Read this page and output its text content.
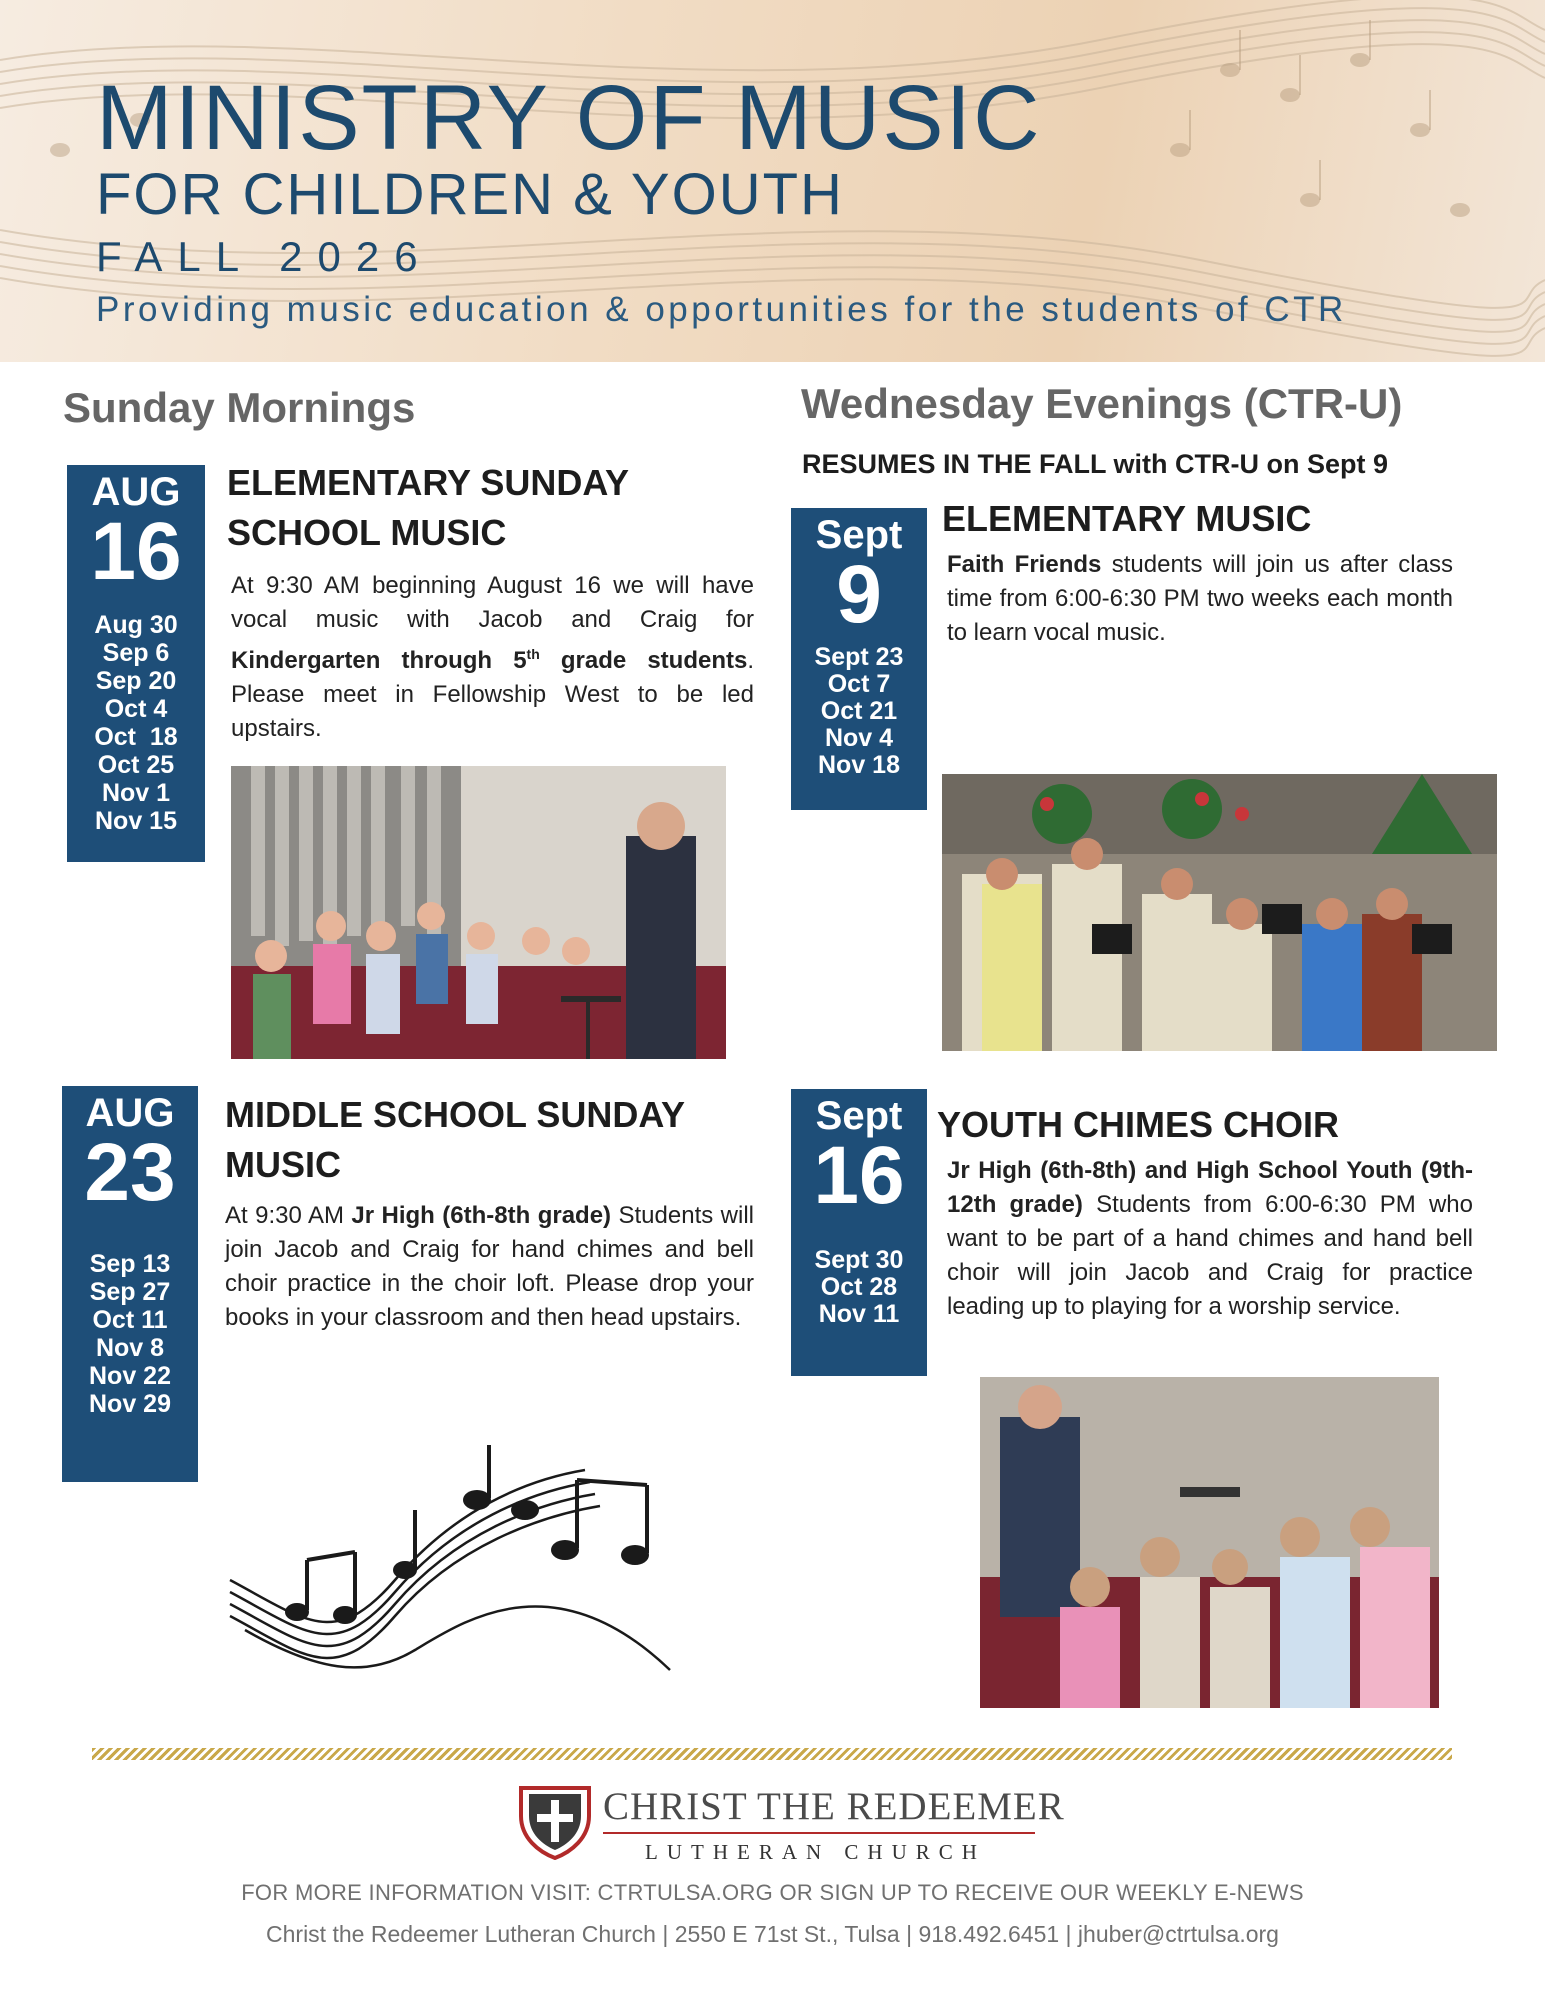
MINISTRY OF MUSIC
FOR CHILDREN & YOUTH
FALL 2026
Providing music education & opportunities for the students of CTR
Sunday Mornings
AUG
16
Aug 30
Sep 6
Sep 20
Oct 4
Oct  18
Oct 25
Nov 1
Nov 15
ELEMENTARY SUNDAY SCHOOL MUSIC
At 9:30 AM beginning August 16 we will have vocal music with Jacob and Craig for Kindergarten through 5th grade students. Please meet in Fellowship West to be led upstairs.
AUG
23
Sep 13
Sep 27
Oct 11
Nov 8
Nov 22
Nov 29
MIDDLE SCHOOL SUNDAY MUSIC
At 9:30 AM Jr High (6th-8th grade) Students will join Jacob and Craig for hand chimes and bell choir practice in the choir loft. Please drop your books in your classroom and then head upstairs.
Wednesday Evenings (CTR-U)
RESUMES IN THE FALL with CTR-U on Sept 9
Sept
9
Sept 23
Oct 7
Oct 21
Nov 4
Nov 18
ELEMENTARY MUSIC
Faith Friends students will join us after class time from 6:00-6:30 PM two weeks each month to learn vocal music.
Sept
16
Sept 30
Oct 28
Nov 11
YOUTH CHIMES CHOIR
Jr High (6th-8th) and High School Youth (9th-12th grade) Students from 6:00-6:30 PM who want to be part of a hand chimes and hand bell choir will join Jacob and Craig for practice leading up to playing for a worship service.
CHRIST THE REDEEMER
LUTHERAN CHURCH
FOR MORE INFORMATION VISIT: CTRTULSA.ORG OR SIGN UP TO RECEIVE OUR WEEKLY E-NEWS
Christ the Redeemer Lutheran Church | 2550 E 71st St., Tulsa | 918.492.6451 | jhuber@ctrtulsa.org
